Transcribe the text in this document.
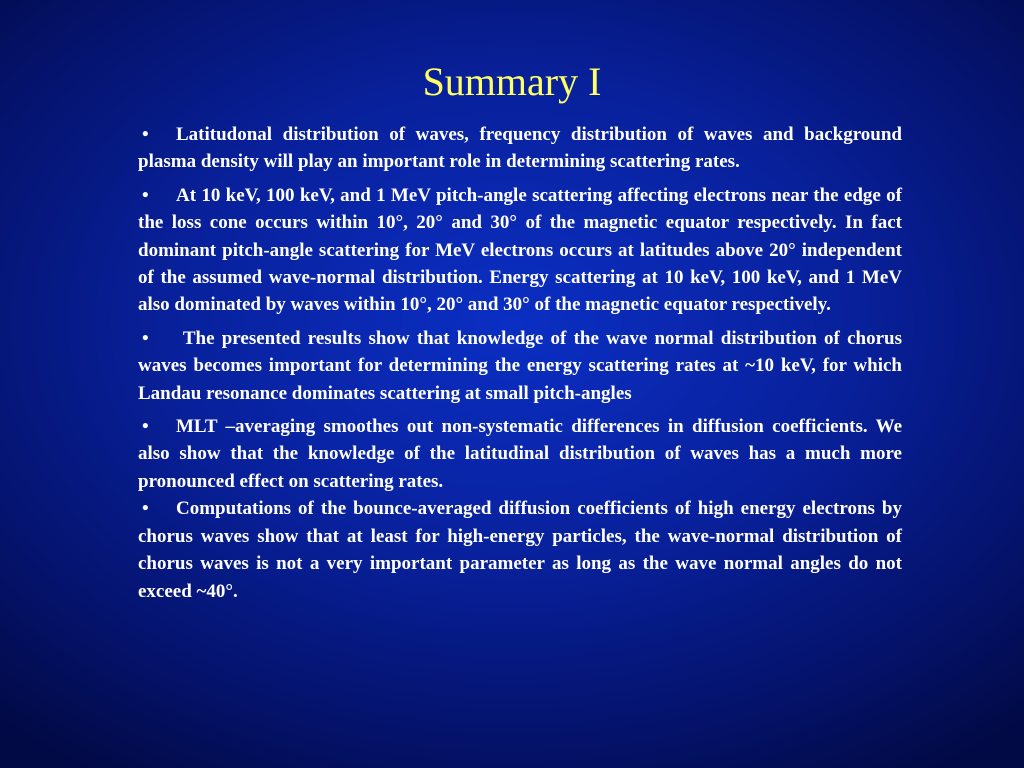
Summary I
• Latitudonal distribution of waves, frequency distribution of waves and background plasma density will play an important role in determining scattering rates.
• At 10 keV, 100 keV, and 1 MeV pitch-angle scattering affecting electrons near the edge of the loss cone occurs within 10°, 20° and 30° of the magnetic equator respectively. In fact dominant pitch-angle scattering for MeV electrons occurs at latitudes above 20° independent of the assumed wave-normal distribution. Energy scattering at 10 keV, 100 keV, and 1 MeV also dominated by waves within 10°, 20° and 30° of the magnetic equator respectively.
• The presented results show that knowledge of the wave normal distribution of chorus waves becomes important for determining the energy scattering rates at ~10 keV, for which Landau resonance dominates scattering at small pitch-angles
• MLT –averaging smoothes out non-systematic differences in diffusion coefficients. We also show that the knowledge of the latitudinal distribution of waves has a much more pronounced effect on scattering rates.
• Computations of the bounce-averaged diffusion coefficients of high energy electrons by chorus waves show that at least for high-energy particles, the wave-normal distribution of chorus waves is not a very important parameter as long as the wave normal angles do not exceed ~40°.
